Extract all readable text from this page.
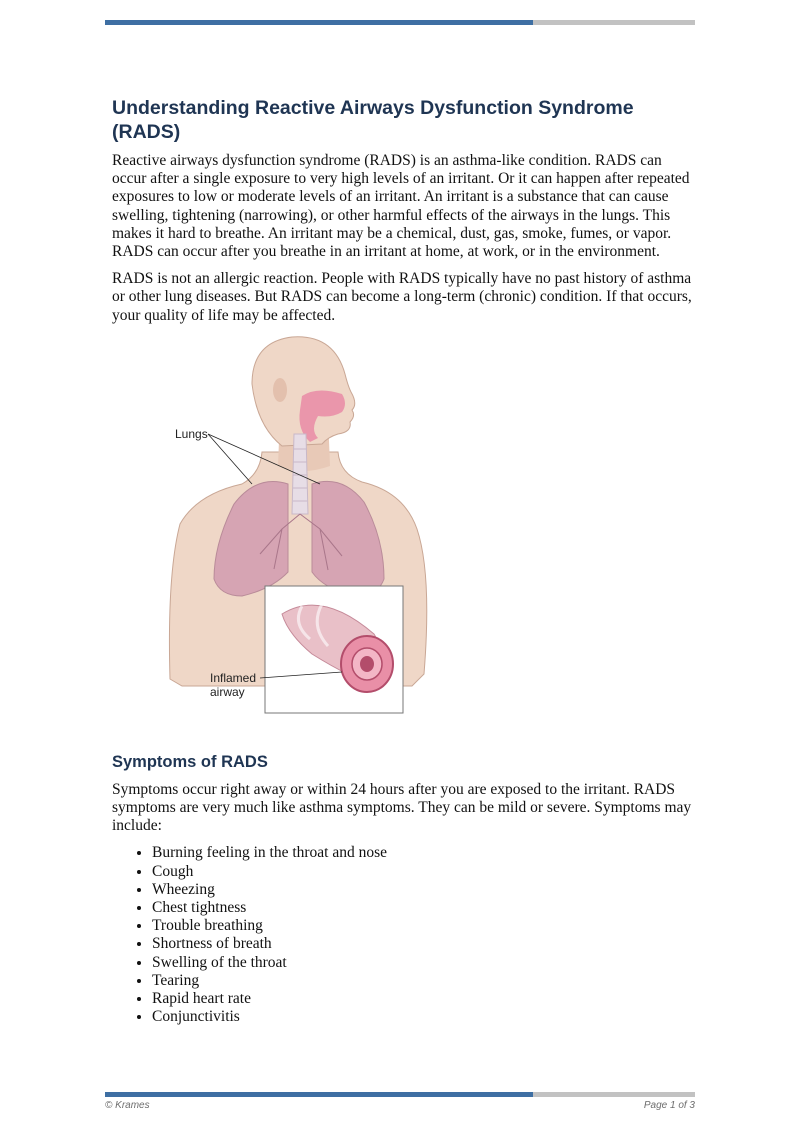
Understanding Reactive Airways Dysfunction Syndrome (RADS)

Reactive airways dysfunction syndrome (RADS) is an asthma-like condition. RADS can occur after a single exposure to very high levels of an irritant. Or it can happen after repeated exposures to low or moderate levels of an irritant. An irritant is a substance that can cause swelling, tightening (narrowing), or other harmful effects of the airways in the lungs. This makes it hard to breathe. An irritant may be a chemical, dust, gas, smoke, fumes, or vapor. RADS can occur after you breathe in an irritant at home, at work, or in the environment.

RADS is not an allergic reaction. People with RADS typically have no past history of asthma or other lung diseases. But RADS can become a long-term (chronic) condition. If that occurs, your quality of life may be affected.

Lungs
Inflamed
airway
Symptoms of RADS

Symptoms occur right away or within 24 hours after you are exposed to the irritant. RADS symptoms are very much like asthma symptoms. They can be mild or severe. Symptoms may include:

• Burning feeling in the throat and nose
• Cough
• Wheezing
• Chest tightness
• Trouble breathing
• Shortness of breath
• Swelling of the throat
• Tearing
• Rapid heart rate
• Conjunctivitis
© Krames	Page 1 of 3
